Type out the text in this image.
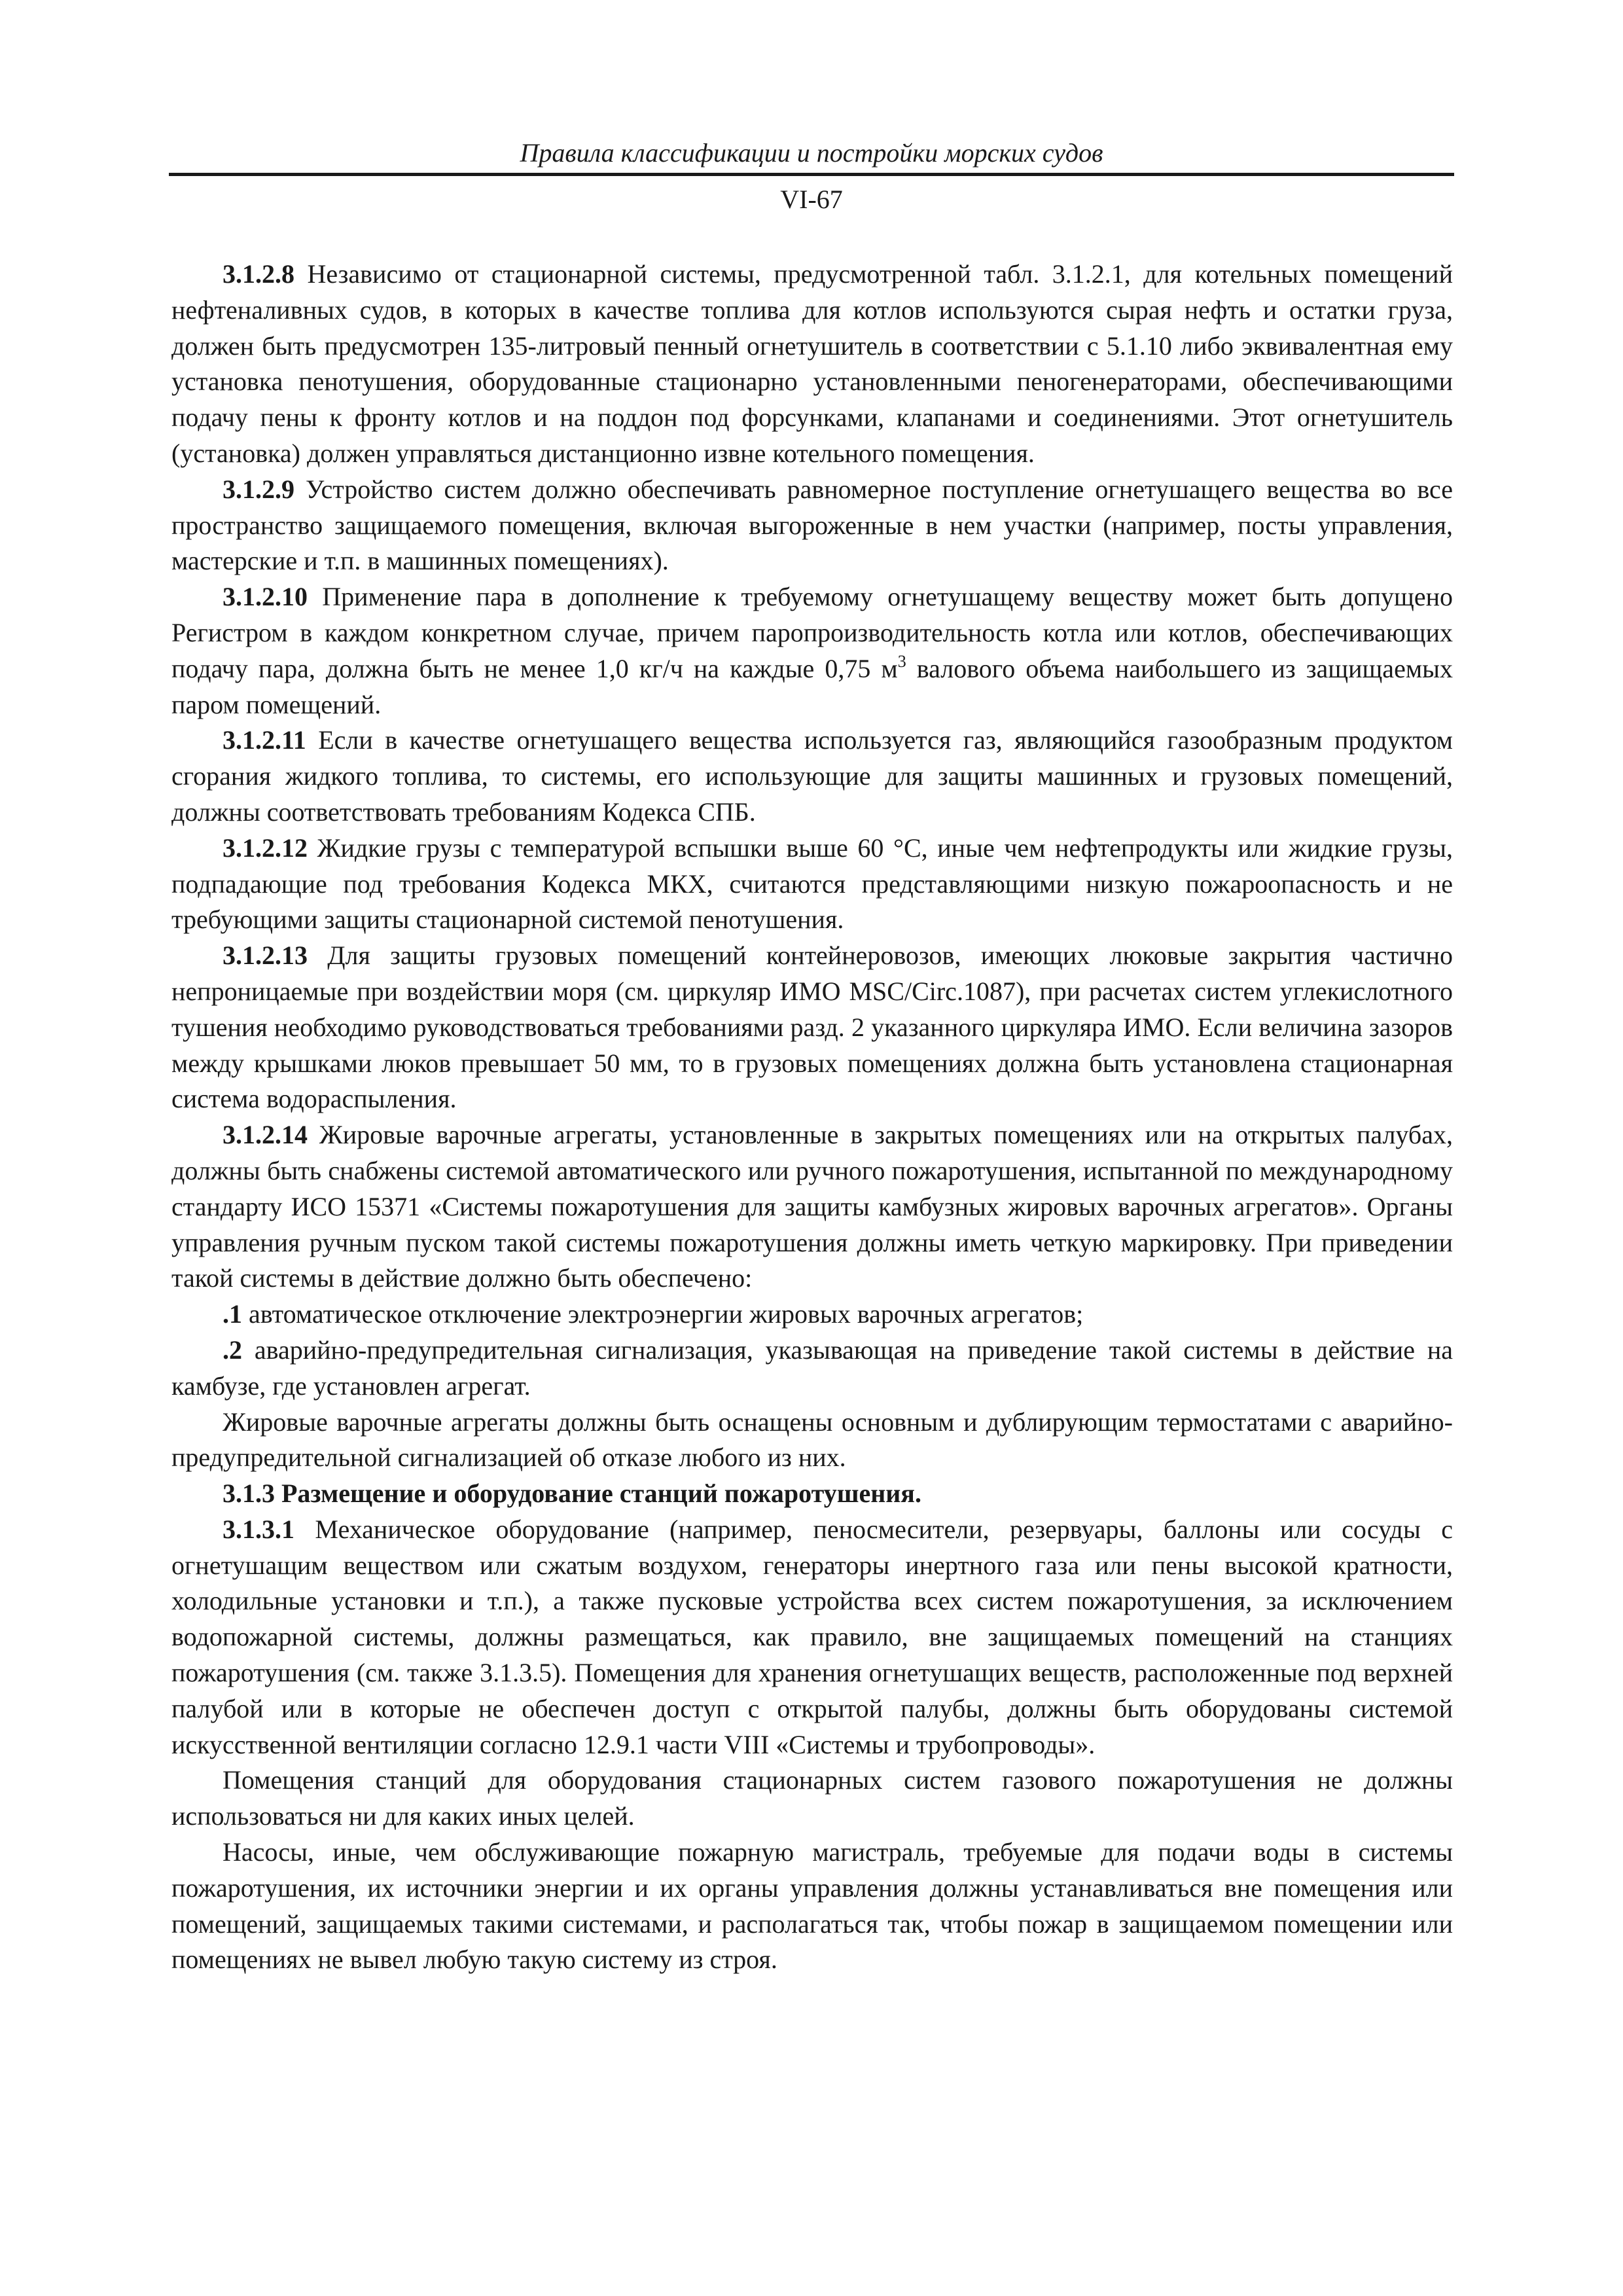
Правила классификации и постройки морских судов
VI-67

3.1.2.8 Независимо от стационарной системы, предусмотренной табл. 3.1.2.1, для котельных помещений нефтеналивных судов, в которых в качестве топлива для котлов используются сырая нефть и остатки груза, должен быть предусмотрен 135-литровый пенный огнетушитель в соответствии с 5.1.10 либо эквивалентная ему установка пенотушения, оборудованные стационарно установленными пеногенераторами, обеспечивающими подачу пены к фронту котлов и на поддон под форсунками, клапанами и соединениями. Этот огнетушитель (установка) должен управляться дистанционно извне котельного помещения.

3.1.2.9 Устройство систем должно обеспечивать равномерное поступление огнетушащего вещества во все пространство защищаемого помещения, включая выгороженные в нем участки (например, посты управления, мастерские и т.п. в машинных помещениях).

3.1.2.10 Применение пара в дополнение к требуемому огнетушащему веществу может быть допущено Регистром в каждом конкретном случае, причем паропроизводительность котла или котлов, обеспечивающих подачу пара, должна быть не менее 1,0 кг/ч на каждые 0,75 $м^3$ валового объема наибольшего из защищаемых паром помещений.

3.1.2.11 Если в качестве огнетушащего вещества используется газ, являющийся газообразным продуктом сгорания жидкого топлива, то системы, его использующие для защиты машинных и грузовых помещений, должны соответствовать требованиям Кодекса СПБ.

3.1.2.12 Жидкие грузы с температурой вспышки выше 60 °С, иные чем нефтепродукты или жидкие грузы, подпадающие под требования Кодекса МКХ, считаются представляющими низкую пожароопасность и не требующими защиты стационарной системой пенотушения.

3.1.2.13 Для защиты грузовых помещений контейнеровозов, имеющих люковые закрытия частично непроницаемые при воздействии моря (см. циркуляр ИМО MSC/Circ.1087), при расчетах систем углекислотного тушения необходимо руководствоваться требованиями разд. 2 указанного циркуляра ИМО. Если величина зазоров между крышками люков превышает 50 мм, то в грузовых помещениях должна быть установлена стационарная система водораспыления.

3.1.2.14 Жировые варочные агрегаты, установленные в закрытых помещениях или на открытых палубах, должны быть снабжены системой автоматического или ручного пожаротушения, испытанной по международному стандарту ИСО 15371 «Системы пожаротушения для защиты камбузных жировых варочных агрегатов». Органы управления ручным пуском такой системы пожаротушения должны иметь четкую маркировку. При приведении такой системы в действие должно быть обеспечено:

.1 автоматическое отключение электроэнергии жировых варочных агрегатов;

.2 аварийно-предупредительная сигнализация, указывающая на приведение такой системы в действие на камбузе, где установлен агрегат.

Жировые варочные агрегаты должны быть оснащены основным и дублирующим термостатами с аварийно-предупредительной сигнализацией об отказе любого из них.

3.1.3 Размещение и оборудование станций пожаротушения.

3.1.3.1 Механическое оборудование (например, пеносмесители, резервуары, баллоны или сосуды с огнетушащим веществом или сжатым воздухом, генераторы инертного газа или пены высокой кратности, холодильные установки и т.п.), а также пусковые устройства всех систем пожаротушения, за исключением водопожарной системы, должны размещаться, как правило, вне защищаемых помещений на станциях пожаротушения (см. также 3.1.3.5). Помещения для хранения огнетушащих веществ, расположенные под верхней палубой или в которые не обеспечен доступ с открытой палубы, должны быть оборудованы системой искусственной вентиляции согласно 12.9.1 части VIII «Системы и трубопроводы».

Помещения станций для оборудования стационарных систем газового пожаротушения не должны использоваться ни для каких иных целей.

Насосы, иные, чем обслуживающие пожарную магистраль, требуемые для подачи воды в системы пожаротушения, их источники энергии и их органы управления должны устанавливаться вне помещения или помещений, защищаемых такими системами, и располагаться так, чтобы пожар в защищаемом помещении или помещениях не вывел любую такую систему из строя.
